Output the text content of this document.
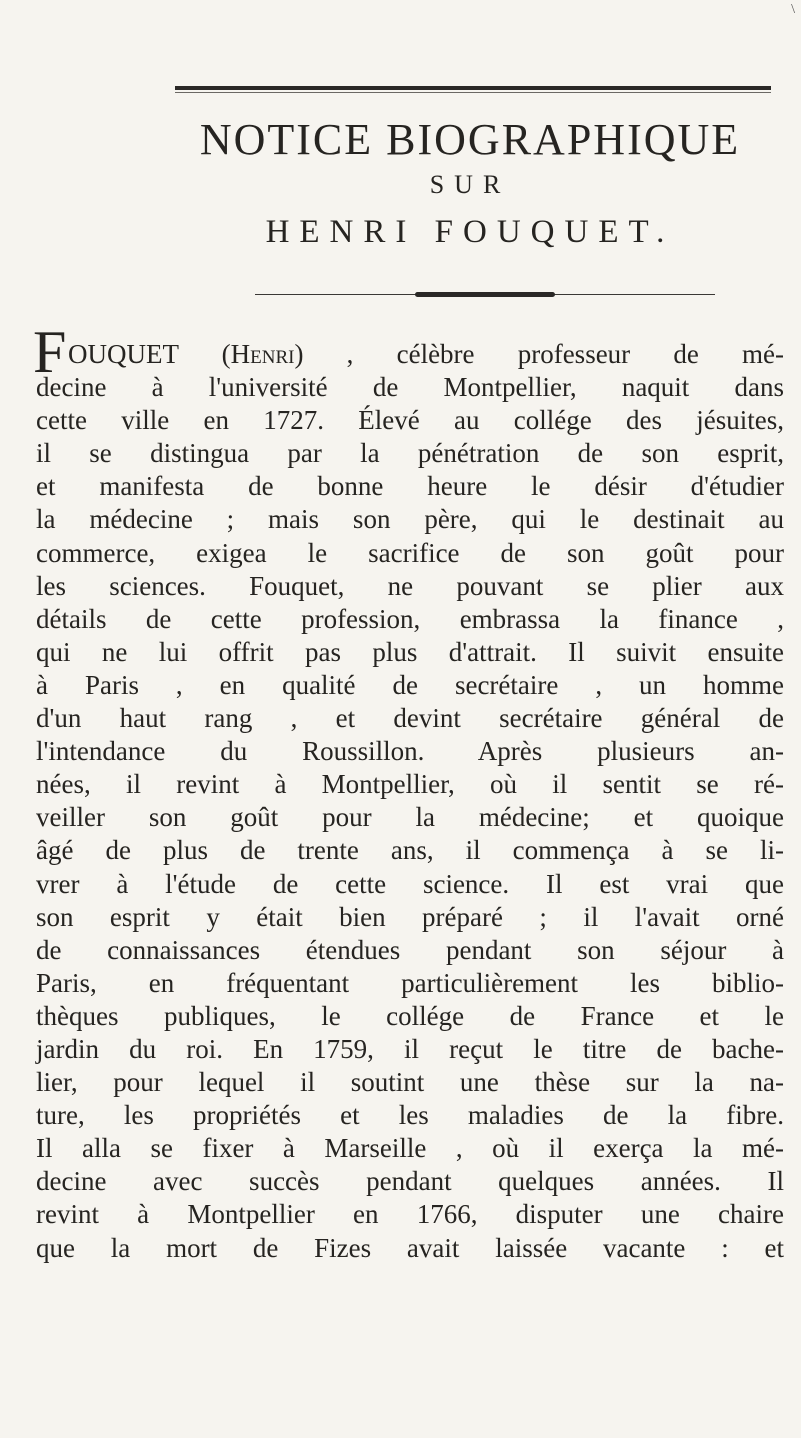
\
NOTICE BIOGRAPHIQUE
SUR
HENRI FOUQUET.
F OUQUET (Henri) , célèbre professeur de mé-
decine à l'université de Montpellier, naquit dans
cette ville en 1727. Élevé au collége des jésuites,
il se distingua par la pénétration de son esprit,
et manifesta de bonne heure le désir d'étudier
la médecine ; mais son père, qui le destinait au
commerce, exigea le sacrifice de son goût pour
les sciences. Fouquet, ne pouvant se plier aux
détails de cette profession, embrassa la finance ,
qui ne lui offrit pas plus d'attrait. Il suivit ensuite
à Paris , en qualité de secrétaire , un homme
d'un haut rang , et devint secrétaire général de
l'intendance du Roussillon. Après plusieurs an-
nées, il revint à Montpellier, où il sentit se ré-
veiller son goût pour la médecine; et quoique
âgé de plus de trente ans, il commença à se li-
vrer à l'étude de cette science. Il est vrai que
son esprit y était bien préparé ; il l'avait orné
de connaissances étendues pendant son séjour à
Paris, en fréquentant particulièrement les biblio-
thèques publiques, le collége de France et le
jardin du roi. En 1759, il reçut le titre de bache-
lier, pour lequel il soutint une thèse sur la na-
ture, les propriétés et les maladies de la fibre.
Il alla se fixer à Marseille , où il exerça la mé-
decine avec succès pendant quelques années. Il
revint à Montpellier en 1766, disputer une chaire
que la mort de Fizes avait laissée vacante : et
